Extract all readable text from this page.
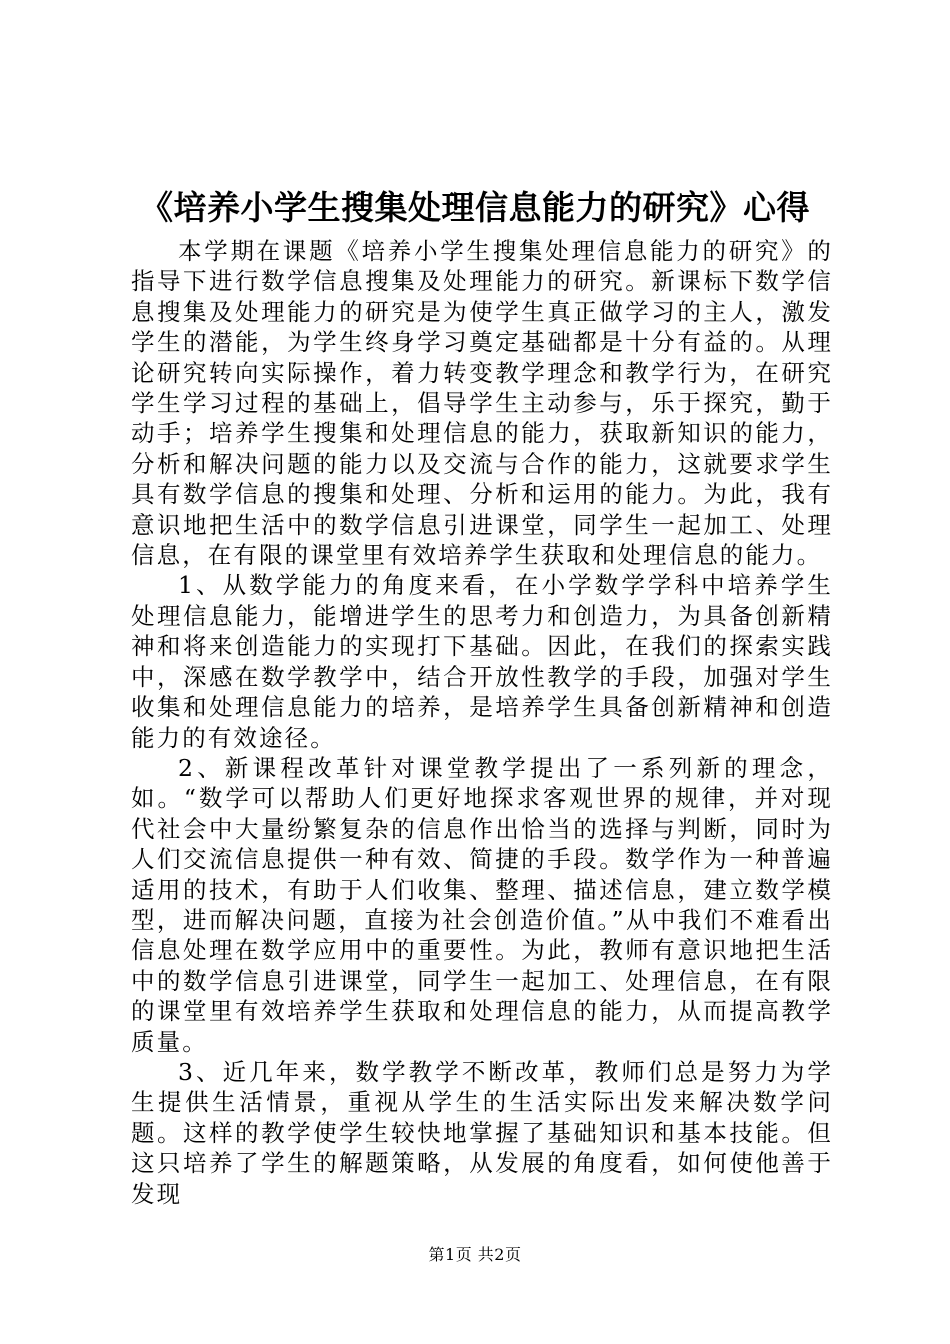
《培养小学生搜集处理信息能力的研究》心得

本学期在课题《培养小学生搜集处理信息能力的研究》的指导下进行数学信息搜集及处理能力的研究。新课标下数学信息搜集及处理能力的研究是为使学生真正做学习的主人，激发学生的潜能，为学生终身学习奠定基础都是十分有益的。从理论研究转向实际操作，着力转变教学理念和教学行为，在研究学生学习过程的基础上，倡导学生主动参与，乐于探究，勤于动手；培养学生搜集和处理信息的能力，获取新知识的能力，分析和解决问题的能力以及交流与合作的能力，这就要求学生具有数学信息的搜集和处理、分析和运用的能力。为此，我有意识地把生活中的数学信息引进课堂，同学生一起加工、处理信息，在有限的课堂里有效培养学生获取和处理信息的能力。

1、从数学能力的角度来看，在小学数学学科中培养学生处理信息能力，能增进学生的思考力和创造力，为具备创新精神和将来创造能力的实现打下基础。因此，在我们的探索实践中，深感在数学教学中，结合开放性教学的手段，加强对学生收集和处理信息能力的培养，是培养学生具备创新精神和创造能力的有效途径。

2、新课程改革针对课堂教学提出了一系列新的理念，如。“数学可以帮助人们更好地探求客观世界的规律，并对现代社会中大量纷繁复杂的信息作出恰当的选择与判断，同时为人们交流信息提供一种有效、简捷的手段。数学作为一种普遍适用的技术，有助于人们收集、整理、描述信息，建立数学模型，进而解决问题，直接为社会创造价值。”从中我们不难看出信息处理在数学应用中的重要性。为此，教师有意识地把生活中的数学信息引进课堂，同学生一起加工、处理信息，在有限的课堂里有效培养学生获取和处理信息的能力，从而提高教学质量。

3、近几年来，数学教学不断改革，教师们总是努力为学生提供生活情景，重视从学生的生活实际出发来解决数学问题。这样的教学使学生较快地掌握了基础知识和基本技能。但这只培养了学生的解题策略，从发展的角度看，如何使他善于发现

第1页 共2页
